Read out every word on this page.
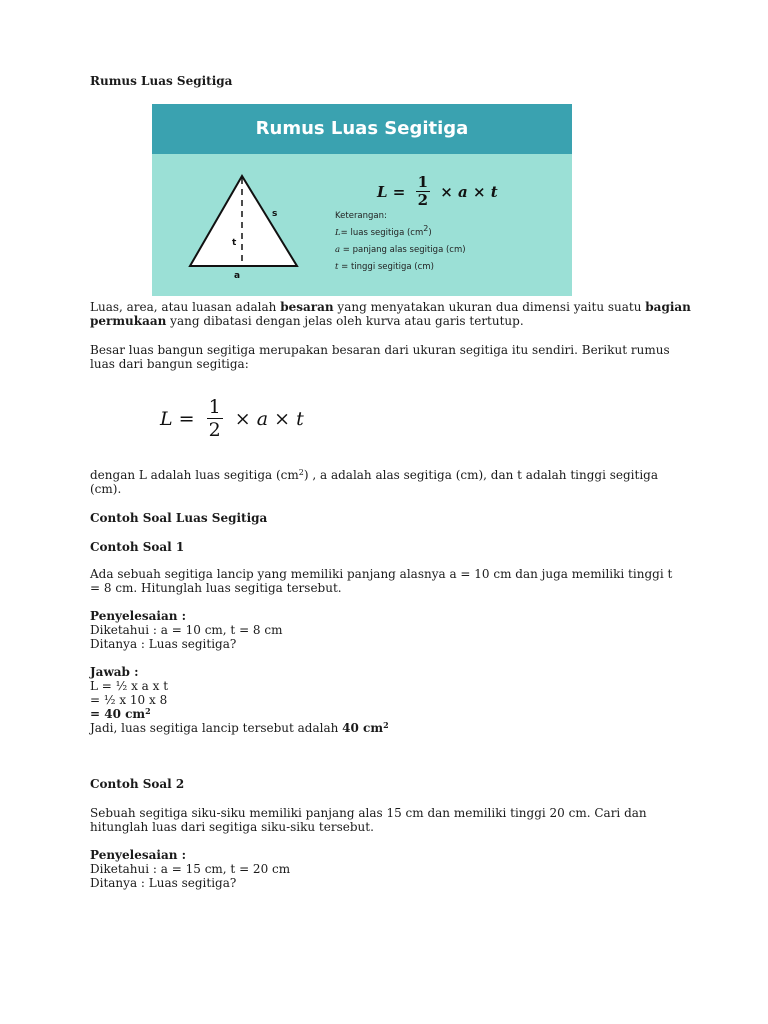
Rumus Luas Segitiga
Rumus Luas Segitiga
s
t
a
$L = \frac{1}{2} \times a \times t$
Keterangan:
L= luas segitiga $(cm^2)$
a = panjang alas segitiga (cm)
t = tinggi segitiga (cm)
Luas, area, atau luasan adalah besaran yang menyatakan ukuran dua dimensi yaitu suatu bagian
permukaan yang dibatasi dengan jelas oleh kurva atau garis tertutup.
Besar luas bangun segitiga merupakan besaran dari ukuran segitiga itu sendiri. Berikut rumus
luas dari bangun segitiga:
$L = \frac{1}{2} \times a \times t$
dengan L adalah luas segitiga $(cm^2)$ , a adalah alas segitiga (cm), dan t adalah tinggi segitiga
(cm).
Contoh Soal Luas Segitiga
Contoh Soal 1
Ada sebuah segitiga lancip yang memiliki panjang alasnya a = 10 cm dan juga memiliki tinggi t
= 8 cm. Hitunglah luas segitiga tersebut.
Penyelesaian :
Diketahui : a = 10 cm, t = 8 cm
Ditanya : Luas segitiga?
Jawab :
L = ½ x a x t
= ½ x 10 x 8
= 40 $cm^2$
Jadi, luas segitiga lancip tersebut adalah 40 $cm^2$
Contoh Soal 2
Sebuah segitiga siku-siku memiliki panjang alas 15 cm dan memiliki tinggi 20 cm. Cari dan
hitunglah luas dari segitiga siku-siku tersebut.
Penyelesaian :
Diketahui : a = 15 cm, t = 20 cm
Ditanya : Luas segitiga?
